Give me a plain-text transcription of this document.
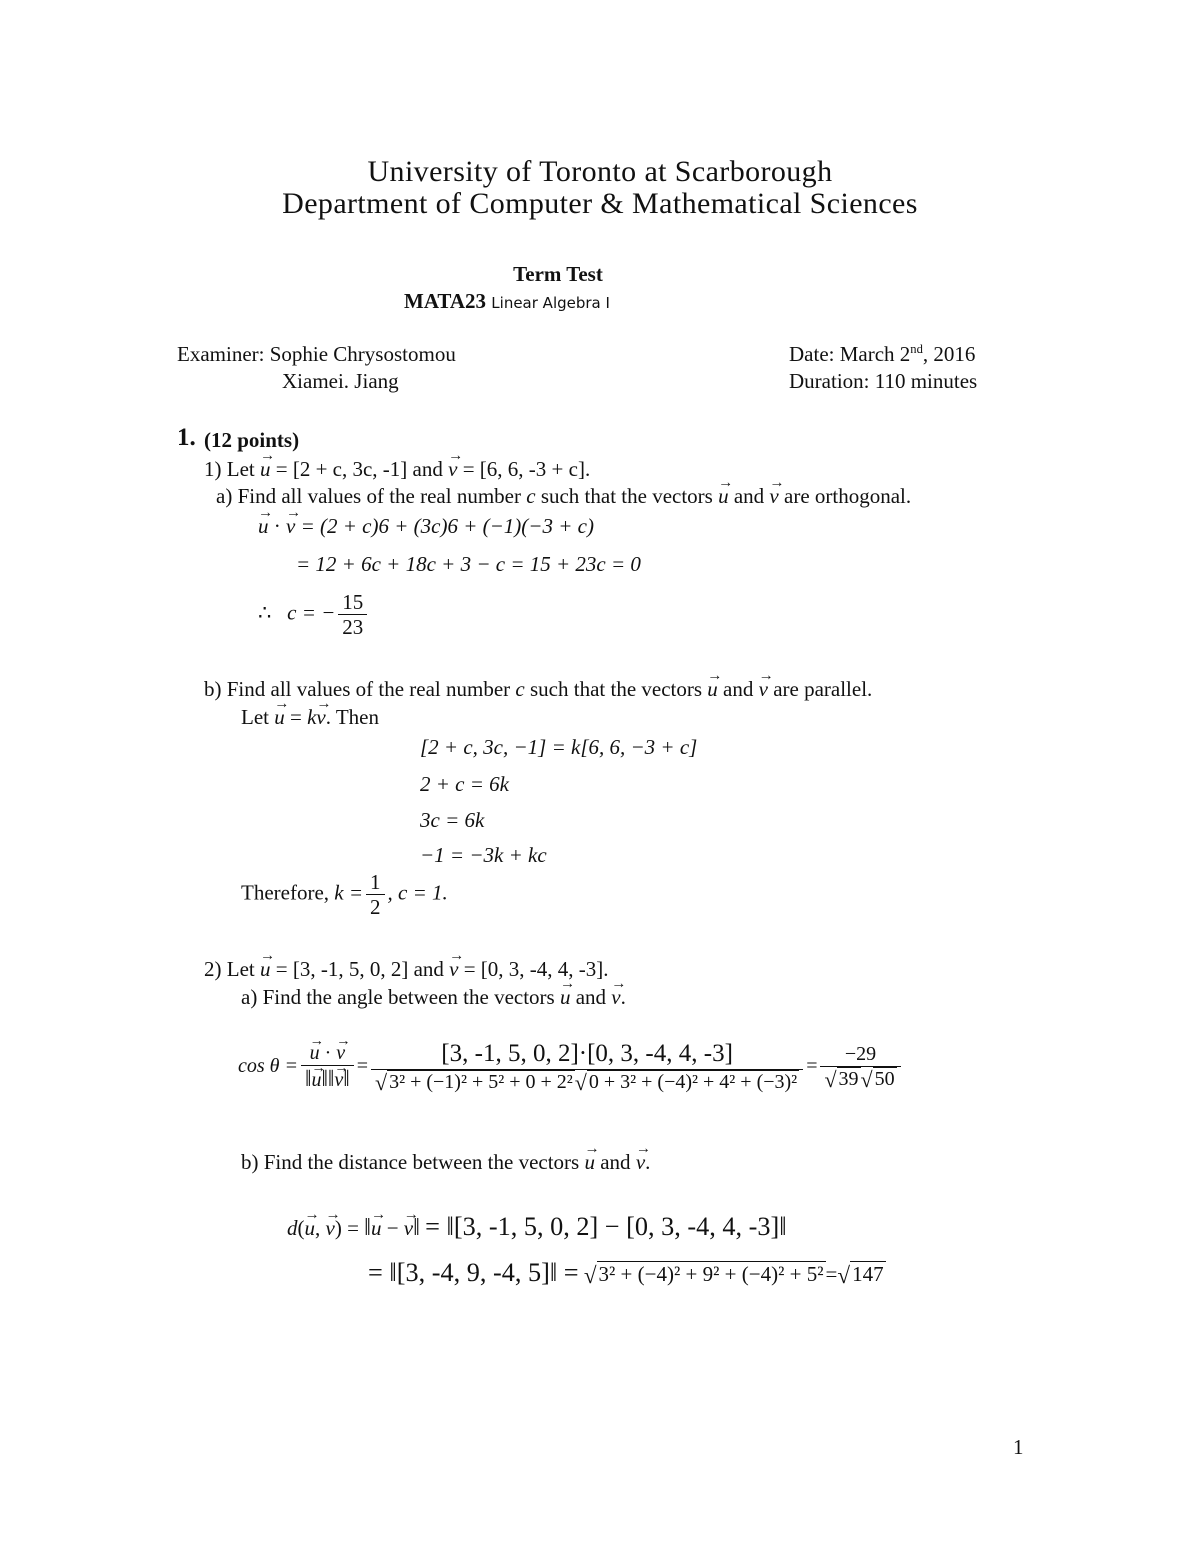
University of Toronto at Scarborough
Department of Computer & Mathematical Sciences
Term Test
MATA23 Linear Algebra I
Examiner: Sophie Chrysostomou
Xiamei. Jiang
Date: March 2nd, 2016
Duration: 110 minutes
1. (12 points)
1) Let → u = [2 + c, 3c, -1] and → v = [6, 6, -3 + c].
a) Find all values of the real number c such that the vectors → u and → v are orthogonal.
→ u · → v = (2 + c)6 + (3c)6 + (−1)(−3 + c)
= 12 + 6c + 18c + 3 − c = 15 + 23c = 0
∴ c = − $\frac{15}{23}$
b) Find all values of the real number c such that the vectors → u and → v are parallel.
Let → u = k→ v. Then
[2 + c, 3c, −1] = k[6, 6, −3 + c]
2 + c = 6k
3c = 6k
−1 = −3k + kc
Therefore, $k = \frac{1}{2}$ , c = 1.
2) Let → u = [3, -1, 5, 0, 2] and → v = [0, 3, -4, 4, -3].
a) Find the angle between the vectors → u and → v.
cos θ = → $\frac{u \cdot \to v}{‖\to u‖‖\to v‖} = \frac{[3, -1, 5, 0, 2]\cdot[0, 3, -4, 4, -3]}{\text{√ 3² + (−1)² + 5² + 0 + 2²√ 0 + 3² + (−4)² + 4² + (−3)²}} = \frac{-29}{√ 39√ 50}$
b) Find the distance between the vectors → u and → v.
d(→ u, → v) = ‖→ u − → v‖ = ‖[3, -1, 5, 0, 2] − [0, 3, -4, 4, -3]‖
= ‖[3, -4, 9, -4, 5]‖ = √3² + (−4)² + 9² + (−4)² + 5²=√147
1
